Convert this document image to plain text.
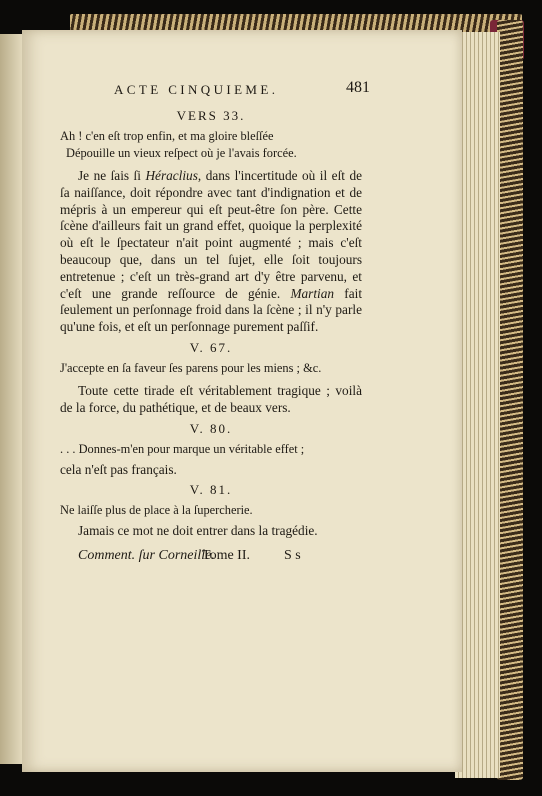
ACTE CINQUIEME.	481
VERS 33.

Ah ! c'en eſt trop enfin, et ma gloire bleſſée

Dépouille un vieux reſpect où je l'avais forcée.

Je ne ſais ſi Héraclius, dans l'incertitude où il eſt de ſa naiſſance, doit répondre avec tant d'indignation et de mépris à un empereur qui eſt peut-être ſon père. Cette ſcène d'ailleurs fait un grand effet, quoique la perplexité où eſt le ſpectateur n'ait point augmenté ; mais c'eſt beaucoup que, dans un tel ſujet, elle ſoit toujours entretenue ; c'eſt un très-grand art d'y être parvenu, et c'eſt une grande reſſource de génie. Martian fait ſeulement un perſonnage froid dans la ſcène ; il n'y parle qu'une fois, et eſt un perſonnage purement paſſif.

V. 67.

J'accepte en ſa faveur ſes parens pour les miens ; &c.

Toute cette tirade eſt véritablement tragique ; voilà de la force, du pathétique, et de beaux vers.

V. 80.

. . . Donnes-m'en pour marque un véritable effet ;

cela n'eſt pas français.

V. 81.

Ne laiſſe plus de place à la ſupercherie.

Jamais ce mot ne doit entrer dans la tragédie.

Comment. ſur Corneille.
Tome II. S s
